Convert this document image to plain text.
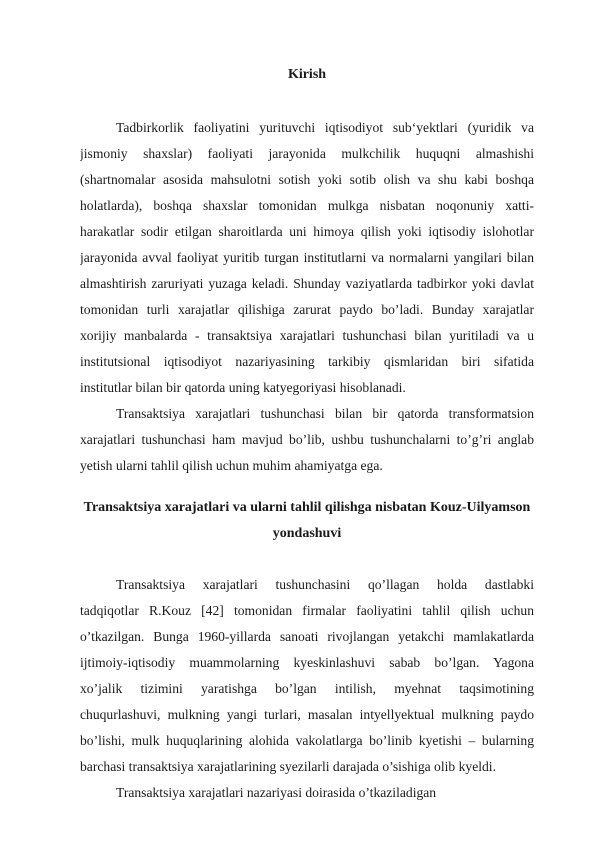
Kirish
Tadbirkorlik faoliyatini yurituvchi iqtisodiyot sub‘yektlari (yuridik va
jismoniy shaxslar) faoliyati jarayonida mulkchilik huquqni almashishi
(shartnomalar asosida mahsulotni sotish yoki sotib olish va shu kabi boshqa
holatlarda), boshqa shaxslar tomonidan mulkga nisbatan noqonuniy xatti-
harakatlar sodir etilgan sharoitlarda uni himoya qilish yoki iqtisodiy islohotlar
jarayonida avval faoliyat yuritib turgan institutlarni va normalarni yangilari bilan
almashtirish zaruriyati yuzaga keladi. Shunday vaziyatlarda tadbirkor yoki davlat
tomonidan turli xarajatlar qilishiga zarurat paydo bo’ladi. Bunday xarajatlar
xorijiy manbalarda - transaktsiya xarajatlari tushunchasi bilan yuritiladi va u
institutsional iqtisodiyot nazariyasining tarkibiy qismlaridan biri sifatida
institutlar bilan bir qatorda uning katyegoriyasi hisoblanadi.
Transaktsiya xarajatlari tushunchasi bilan bir qatorda transformatsion
xarajatlari tushunchasi ham mavjud bo’lib, ushbu tushunchalarni to’g’ri anglab
yetish ularni tahlil qilish uchun muhim ahamiyatga ega.
Transaktsiya xarajatlari va ularni tahlil qilishga nisbatan Kouz-Uilyamson
yondashuvi
Transaktsiya xarajatlari tushunchasini qo’llagan holda dastlabki
tadqiqotlar R.Kouz [42] tomonidan firmalar faoliyatini tahlil qilish uchun
o’tkazilgan. Bunga 1960-yillarda sanoati rivojlangan yetakchi mamlakatlarda
ijtimoiy-iqtisodiy muammolarning kyeskinlashuvi sabab bo’lgan. Yagona
xo’jalik tizimini yaratishga bo’lgan intilish, myehnat taqsimotining
chuqurlashuvi, mulkning yangi turlari, masalan intyellyektual mulkning paydo
bo’lishi, mulk huquqlarining alohida vakolatlarga bo’linib kyetishi – bularning
barchasi transaktsiya xarajatlarining syezilarli darajada o’sishiga olib kyeldi.
Transaktsiya xarajatlari nazariyasi doirasida o’tkaziladigan
